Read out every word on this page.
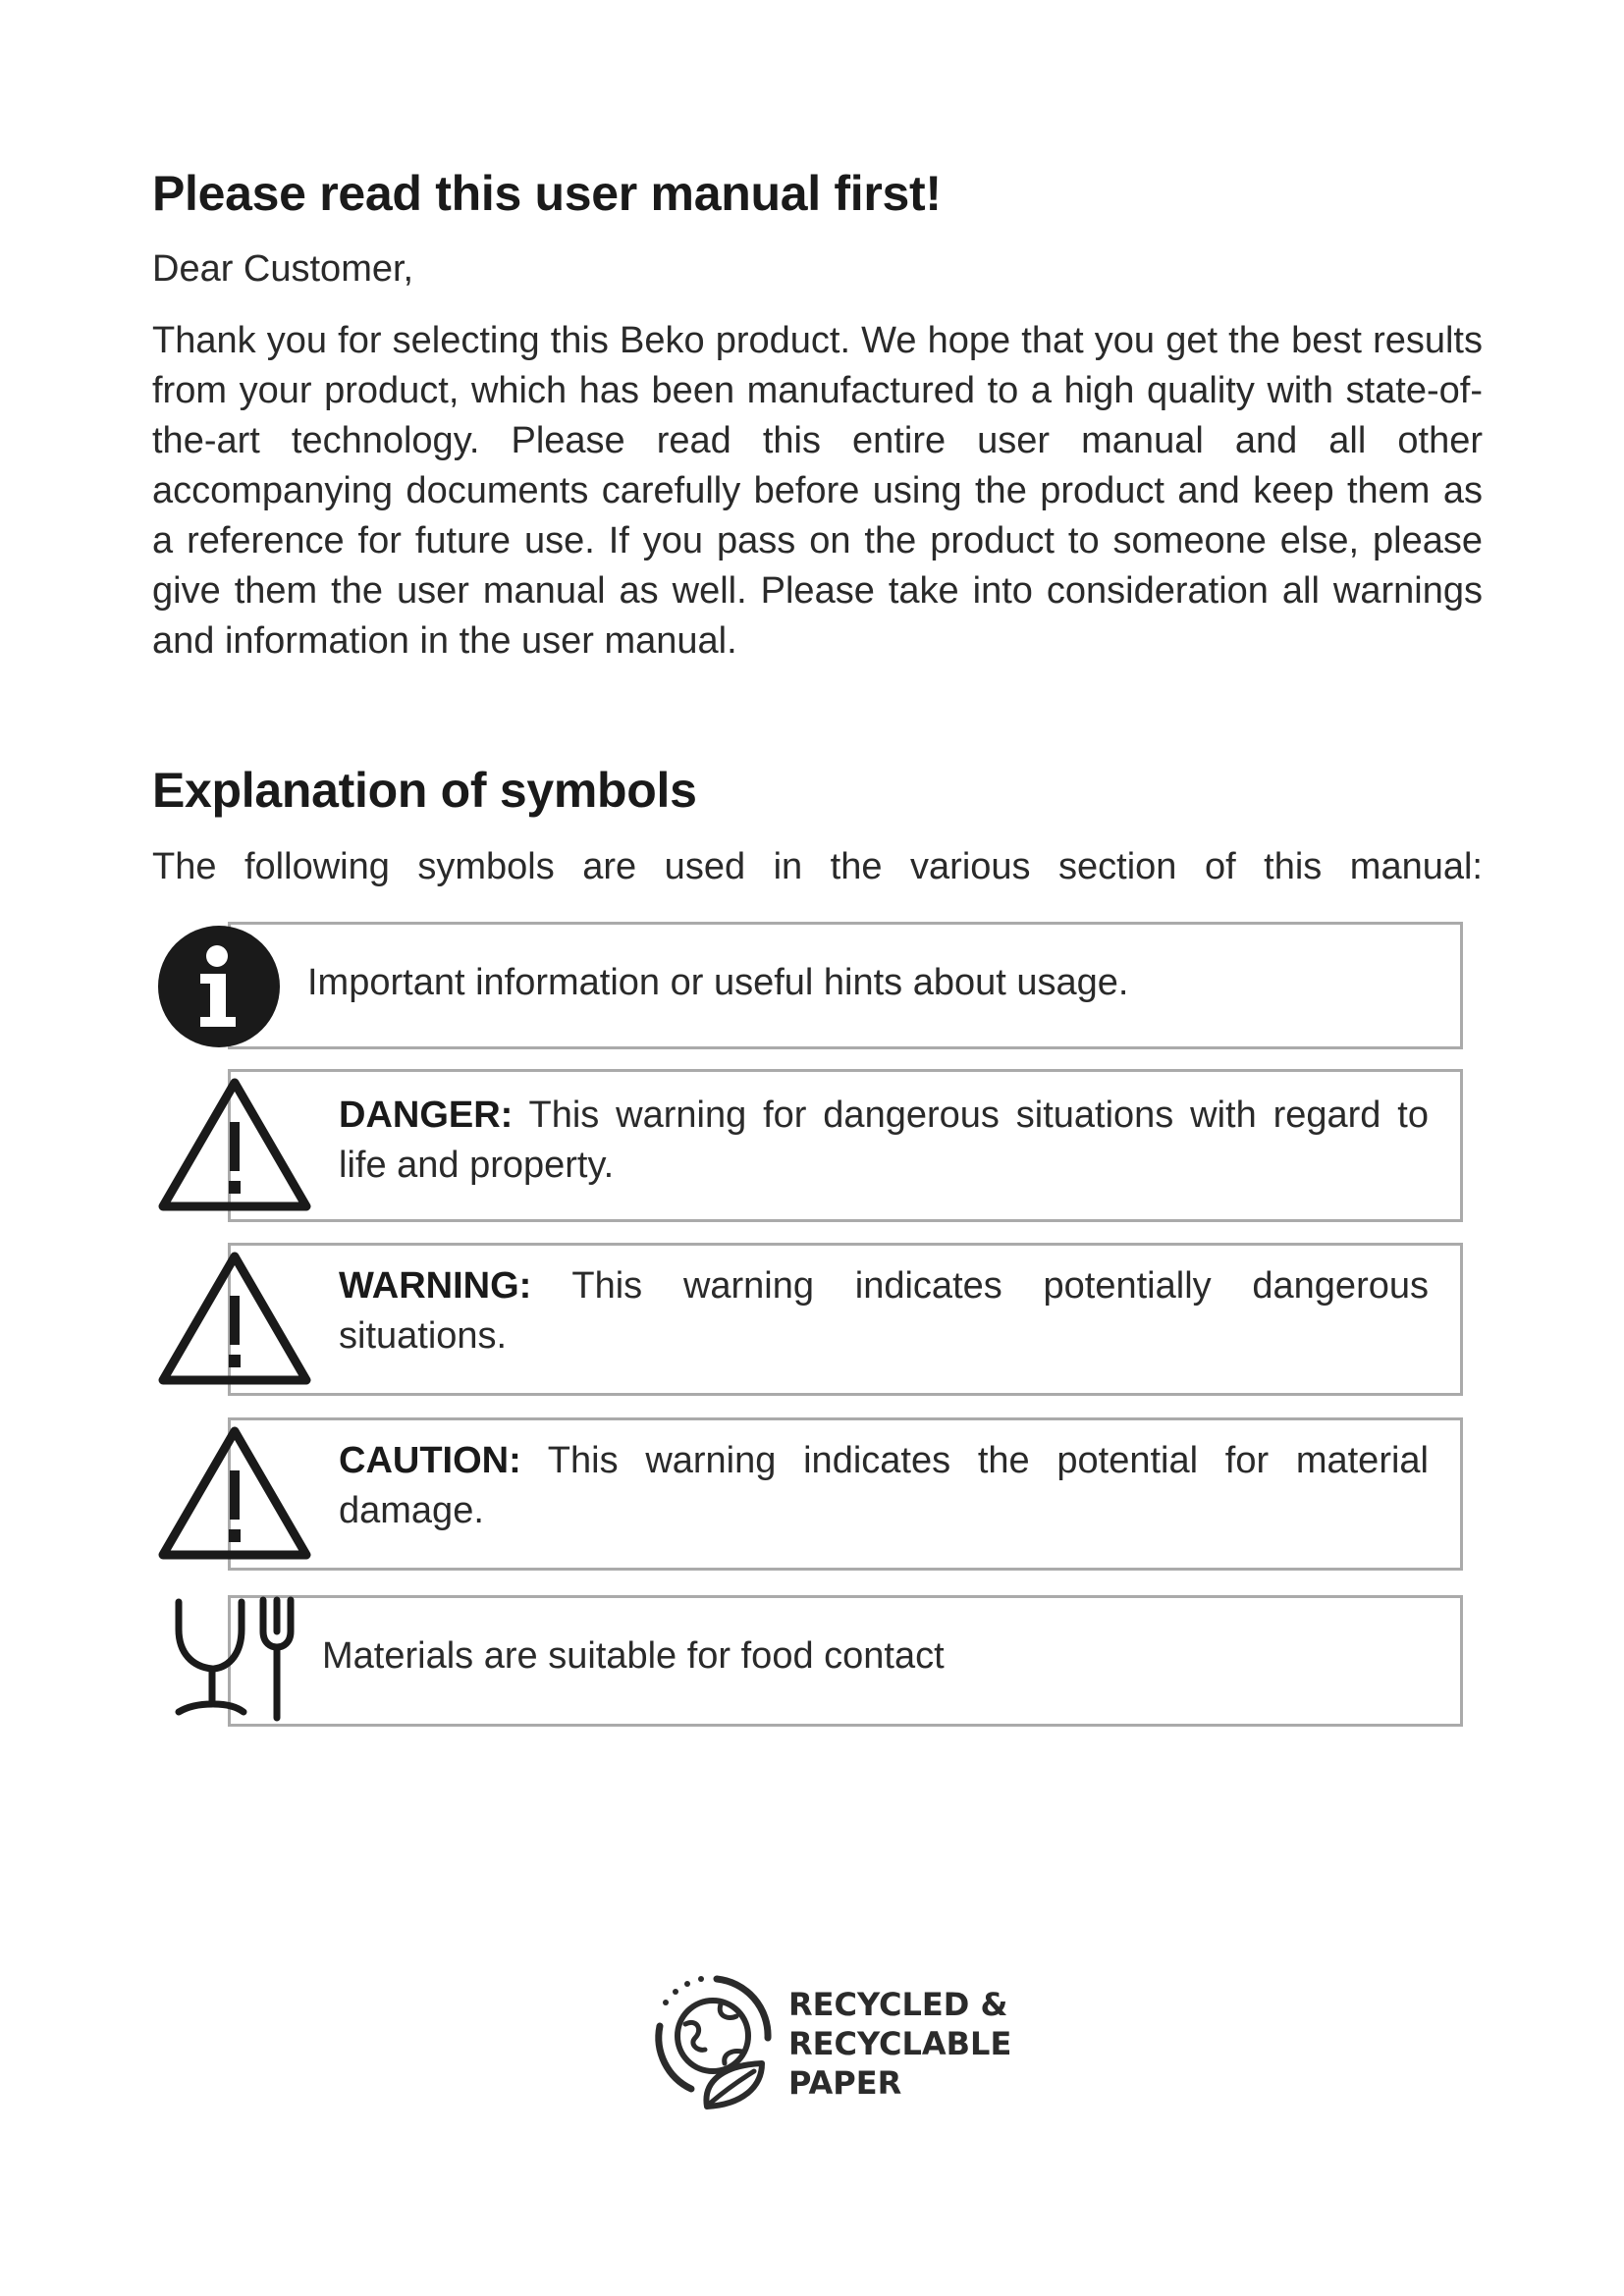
Please read this user manual first!

Dear Customer,

Thank you for selecting this Beko product. We hope that you get the best results from your product, which has been manufactured to a high quality with state-of-the-art technology. Please read this entire user manual and all other accompanying documents carefully before using the product and keep them as a reference for future use. If you pass on the product to someone else, please give them the user manual as well. Please take into consideration all warnings and information in the user manual.

Explanation of symbols

The following symbols are used in the various section of this manual:

Important information or useful hints about usage.

DANGER: This warning for dangerous situations with regard to life and property.

WARNING: This warning indicates potentially dangerous situations.

CAUTION: This warning indicates the potential for material damage.

Materials are suitable for food contact

RECYCLED &
RECYCLABLE
PAPER
